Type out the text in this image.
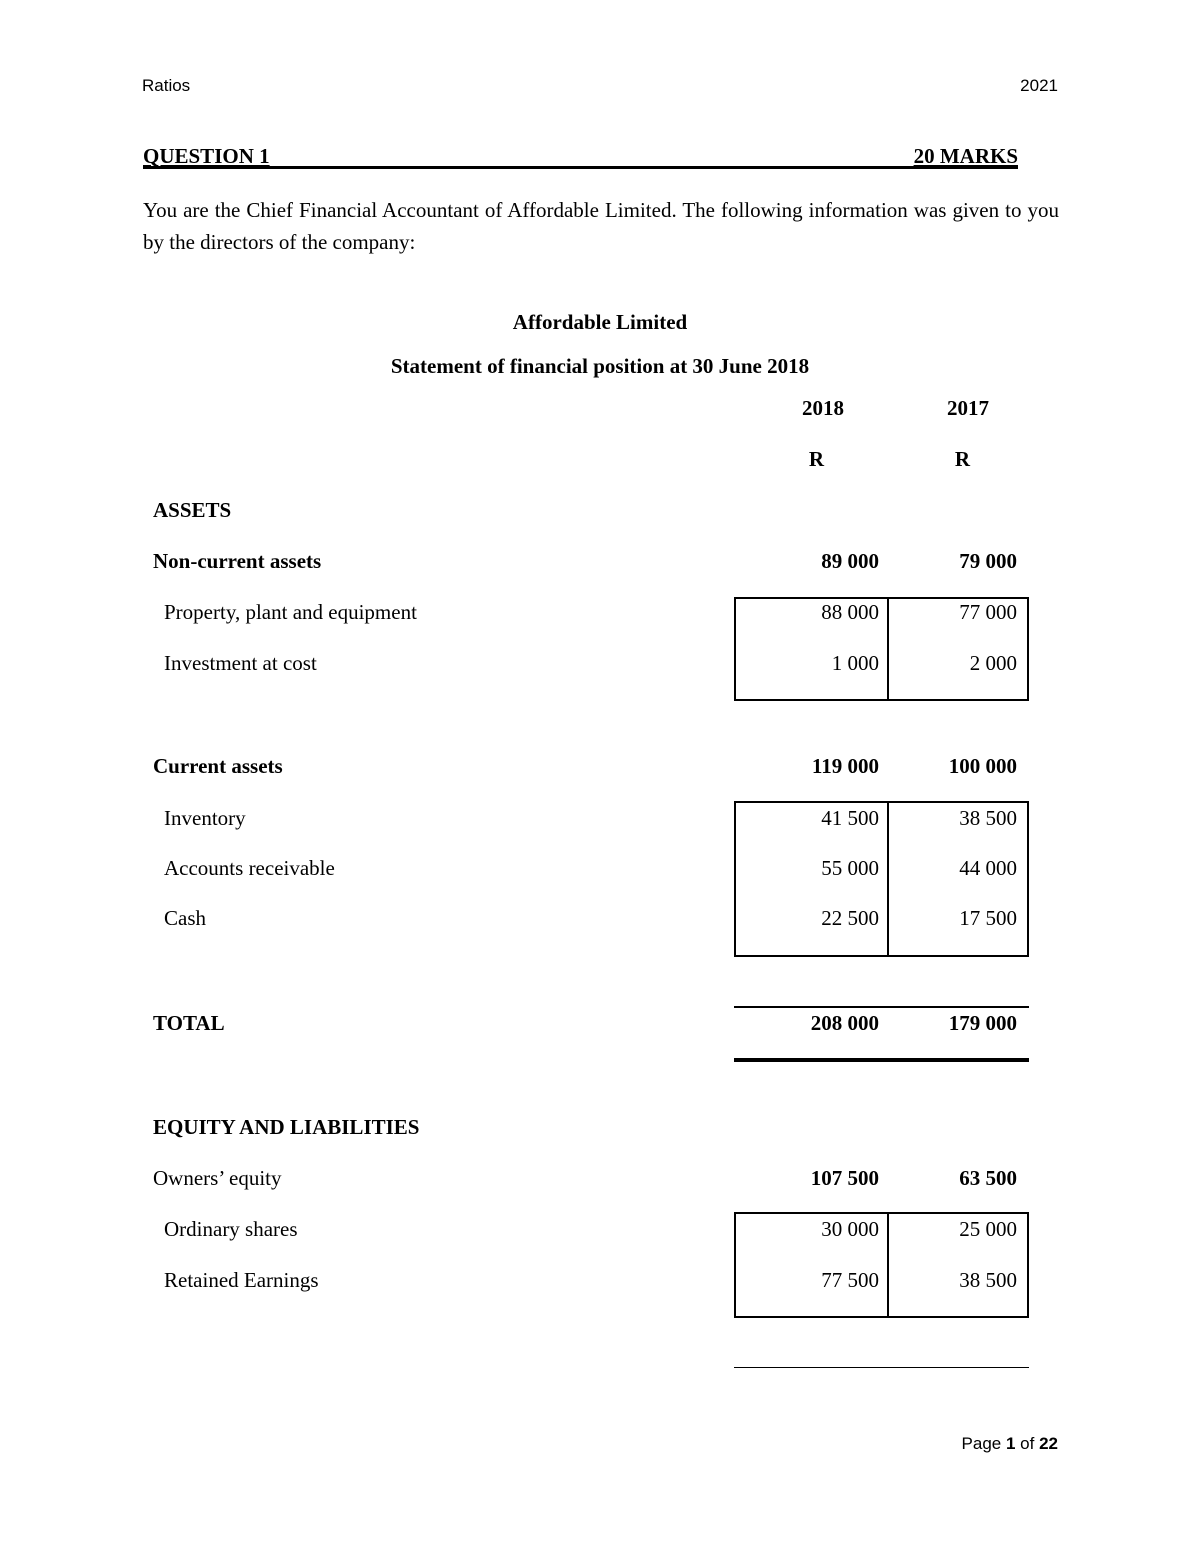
Ratios	2021
QUESTION 1	20 MARKS
You are the Chief Financial Accountant of Affordable Limited. The following information was given to you by the directors of the company:
Affordable Limited
Statement of financial position at 30 June 2018
2018	2017
R	R
ASSETS
Non-current assets	89 000	79 000
Property, plant and equipment	88 000	77 000
Investment at cost	1 000	2 000
Current assets	119 000	100 000
Inventory	41 500	38 500
Accounts receivable	55 000	44 000
Cash	22 500	17 500
TOTAL	208 000	179 000
EQUITY AND LIABILITIES
Owners’ equity	107 500	63 500
Ordinary shares	30 000	25 000
Retained Earnings	77 500	38 500
Page 1 of 22
